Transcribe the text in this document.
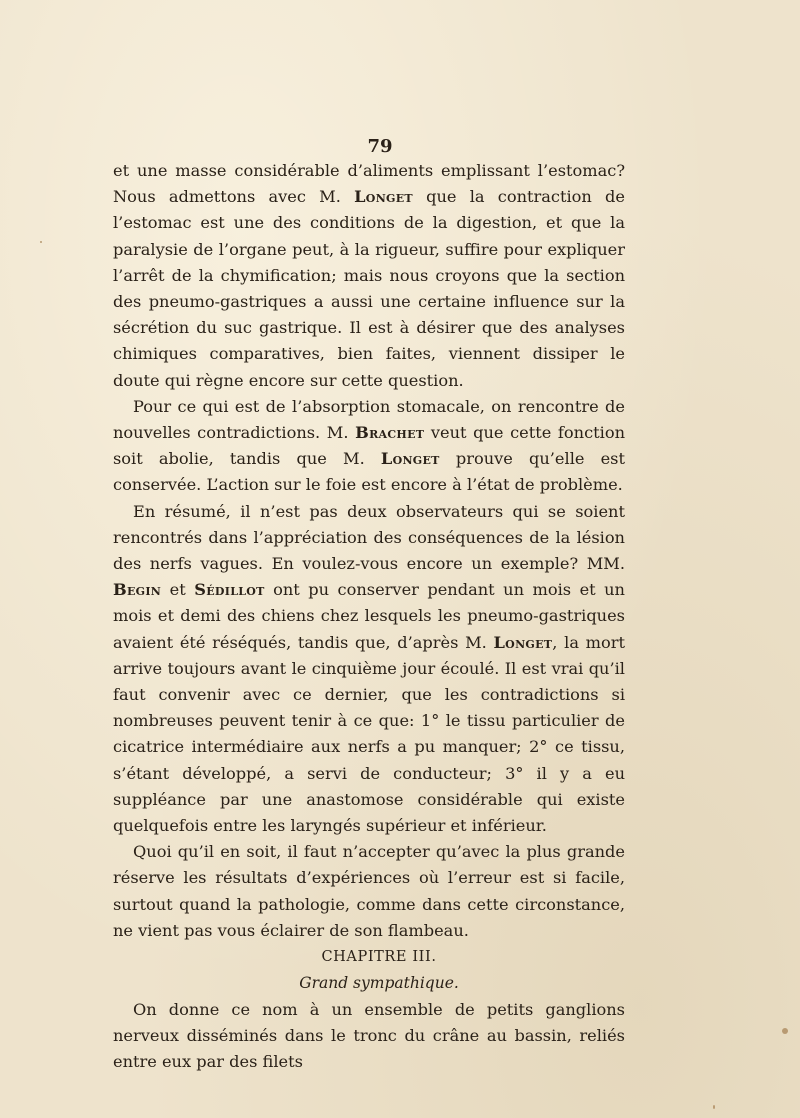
79

et une masse considérable d’aliments emplissant l’estomac? Nous admettons avec M. Longet que la contraction de l’estomac est une des conditions de la digestion, et que la paralysie de l’organe peut, à la rigueur, suffire pour expliquer l’arrêt de la chymification; mais nous croyons que la section des pneumo-gastriques a aussi une certaine influence sur la sécrétion du suc gastrique. Il est à désirer que des analyses chimiques comparatives, bien faites, viennent dissiper le doute qui règne encore sur cette question.

Pour ce qui est de l’absorption stomacale, on rencontre de nouvelles contradictions. M. Brachet veut que cette fonction soit abolie, tandis que M. Longet prouve qu’elle est conservée. L’action sur le foie est encore à l’état de problème.

En résumé, il n’est pas deux observateurs qui se soient rencontrés dans l’appréciation des conséquences de la lésion des nerfs vagues. En voulez-vous encore un exemple? MM. Begin et Sédillot ont pu conserver pendant un mois et un mois et demi des chiens chez lesquels les pneumo-gastriques avaient été réséqués, tandis que, d’après M. Longet, la mort arrive toujours avant le cinquième jour écoulé. Il est vrai qu’il faut convenir avec ce dernier, que les contradictions si nombreuses peuvent tenir à ce que: 1° le tissu particulier de cicatrice intermédiaire aux nerfs a pu manquer; 2° ce tissu, s’étant développé, a servi de conducteur; 3° il y a eu suppléance par une anastomose considérable qui existe quelquefois entre les laryngés supérieur et inférieur.

Quoi qu’il en soit, il faut n’accepter qu’avec la plus grande réserve les résultats d’expériences où l’erreur est si facile, surtout quand la pathologie, comme dans cette circonstance, ne vient pas vous éclairer de son flambeau.

CHAPITRE III.

Grand sympathique.

On donne ce nom à un ensemble de petits ganglions nerveux disséminés dans le tronc du crâne au bassin, reliés entre eux par des filets
